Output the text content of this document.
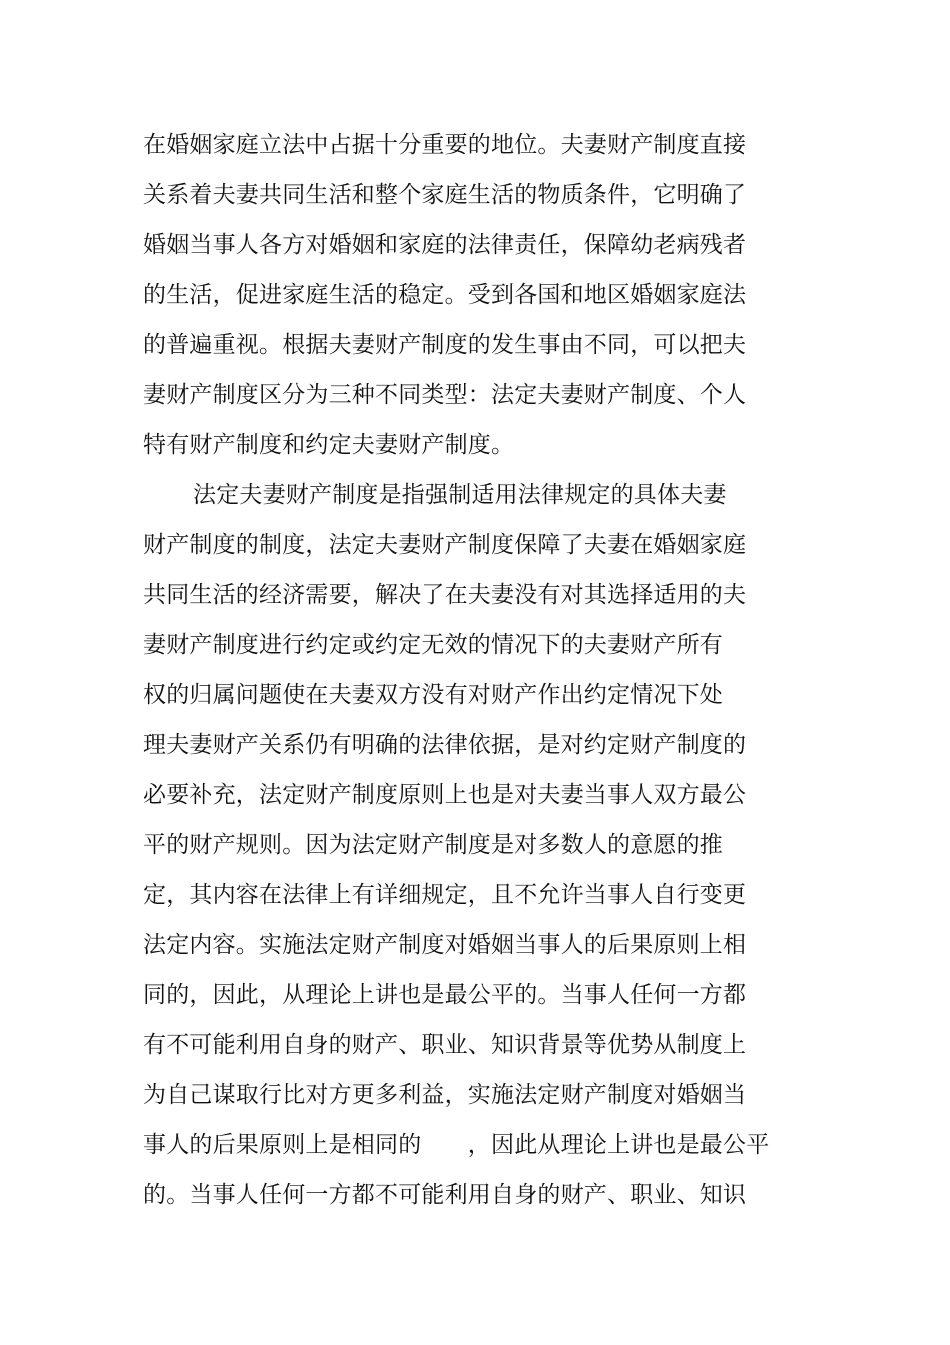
在婚姻家庭立法中占据十分重要的地位。夫妻财产制度直接
关系着夫妻共同生活和整个家庭生活的物质条件，它明确了
婚姻当事人各方对婚姻和家庭的法律责任，保障幼老病残者
的生活，促进家庭生活的稳定。受到各国和地区婚姻家庭法
的普遍重视。根据夫妻财产制度的发生事由不同，可以把夫
妻财产制度区分为三种不同类型：法定夫妻财产制度、个人
特有财产制度和约定夫妻财产制度。
法定夫妻财产制度是指强制适用法律规定的具体夫妻
财产制度的制度，法定夫妻财产制度保障了夫妻在婚姻家庭
共同生活的经济需要，解决了在夫妻没有对其选择适用的夫
妻财产制度进行约定或约定无效的情况下的夫妻财产所有
权的归属问题使在夫妻双方没有对财产作出约定情况下处
理夫妻财产关系仍有明确的法律依据，是对约定财产制度的
必要补充，法定财产制度原则上也是对夫妻当事人双方最公
平的财产规则。因为法定财产制度是对多数人的意愿的推
定，其内容在法律上有详细规定，且不允许当事人自行变更
法定内容。实施法定财产制度对婚姻当事人的后果原则上相
同的，因此，从理论上讲也是最公平的。当事人任何一方都
有不可能利用自身的财产、职业、知识背景等优势从制度上
为自己谋取行比对方更多利益，实施法定财产制度对婚姻当
事人的后果原则上是相同的　　，因此从理论上讲也是最公平
的。当事人任何一方都不可能利用自身的财产、职业、知识
